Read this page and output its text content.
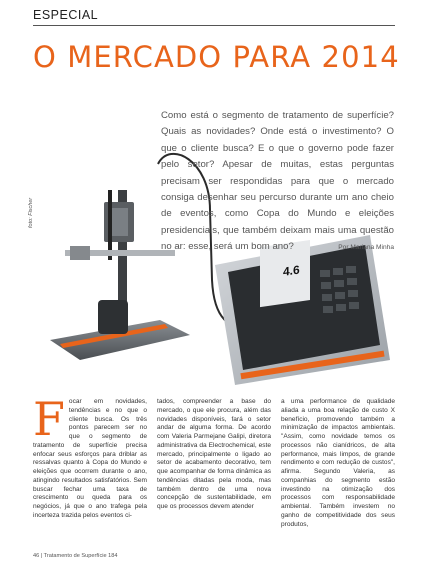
ESPECIAL
O MERCADO PARA 2014
foto: Fischer
4.6

Como está o segmento de tratamento de superfície? Quais as novidades? Onde está o investimento? O que o cliente busca? E o que o governo pode fazer pelo setor? Apesar de muitas, estas perguntas precisam ser respondidas para que o mercado consiga desenhar seu percurso durante um ano cheio de eventos, como Copa do Mundo e eleições presidenciais, que também deixam mais uma questão no ar: esse, será um bom ano?	Por Mariana Minha
F ocar em novidades, tendências e no que o cliente busca. Os três pontos parecem ser no que o segmento de tratamento de superfície precisa enfocar seus esforços para driblar as ressalvas quanto à Copa do Mundo e eleições que ocorrem durante o ano, atingindo resultados satisfatórios. Sem buscar fechar uma taxa de crescimento ou queda para os negócios, já que o ano trafega pela incerteza trazida pelos eventos ci-

tados, compreender a base do mercado, o que ele procura, além das novidades disponíveis, fará o setor andar de alguma forma. De acordo com Valeria Parmejane Galipi, diretora administrativa da Electrochemical, este mercado, principalmente o ligado ao setor de acabamento decorativo, tem que acompanhar de forma dinâmica as tendências ditadas pela moda, mas também dentro de uma nova concepção de sustentabilidade, em que os processos devem atender

a uma performance de qualidade aliada a uma boa relação de custo X benefício, promovendo também a minimização de impactos ambientais. "Assim, como novidade temos os processos não cianídricos, de alta performance, mais limpos, de grande rendimento e com redução de custos", afirma. Segundo Valeria, as companhias do segmento estão investindo na otimização dos processos com responsabilidade ambiental. Também investem no ganho de competitividade dos seus produtos,

46 | Tratamento de Superfície 184
